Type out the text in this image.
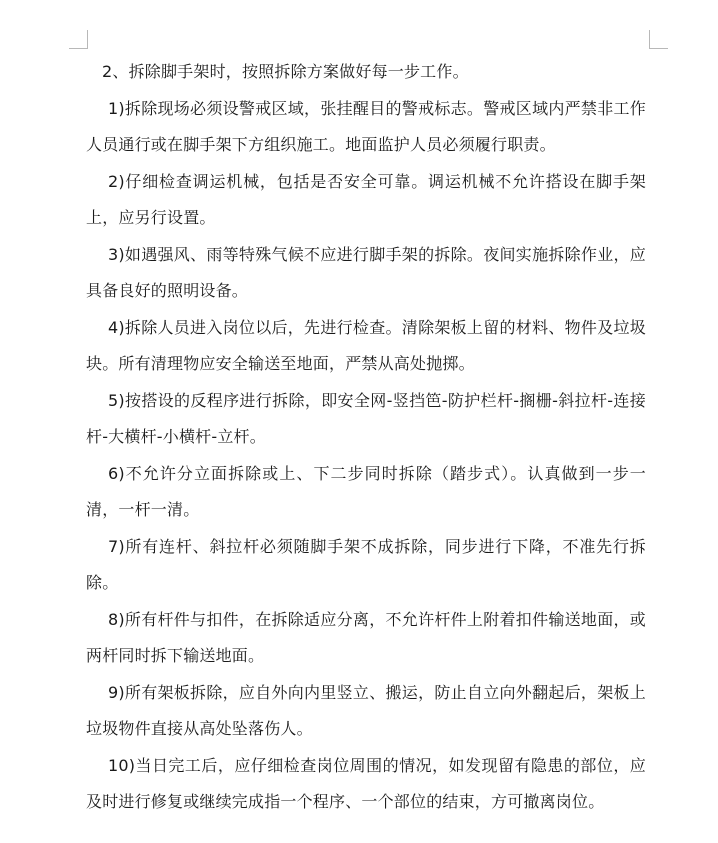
2、拆除脚手架时，按照拆除方案做好每一步工作。

1)拆除现场必须设警戒区域，张挂醒目的警戒标志。警戒区域内严禁非工作人员通行或在脚手架下方组织施工。地面监护人员必须履行职责。

2)仔细检查调运机械，包括是否安全可靠。调运机械不允许搭设在脚手架上，应另行设置。

3)如遇强风、雨等特殊气候不应进行脚手架的拆除。夜间实施拆除作业，应具备良好的照明设备。

4)拆除人员进入岗位以后，先进行检查。清除架板上留的材料、物件及垃圾块。所有清理物应安全输送至地面，严禁从高处抛掷。

5)按搭设的反程序进行拆除，即安全网-竖挡笆-防护栏杆-搁栅-斜拉杆-连接杆-大横杆-小横杆-立杆。

6)不允许分立面拆除或上、下二步同时拆除（踏步式）。认真做到一步一清，一杆一清。

7)所有连杆、斜拉杆必须随脚手架不成拆除，同步进行下降，不准先行拆除。

8)所有杆件与扣件，在拆除适应分离，不允许杆件上附着扣件输送地面，或两杆同时拆下输送地面。

9)所有架板拆除，应自外向内里竖立、搬运，防止自立向外翻起后，架板上垃圾物件直接从高处坠落伤人。

10)当日完工后，应仔细检查岗位周围的情况，如发现留有隐患的部位，应及时进行修复或继续完成指一个程序、一个部位的结束，方可撤离岗位。
